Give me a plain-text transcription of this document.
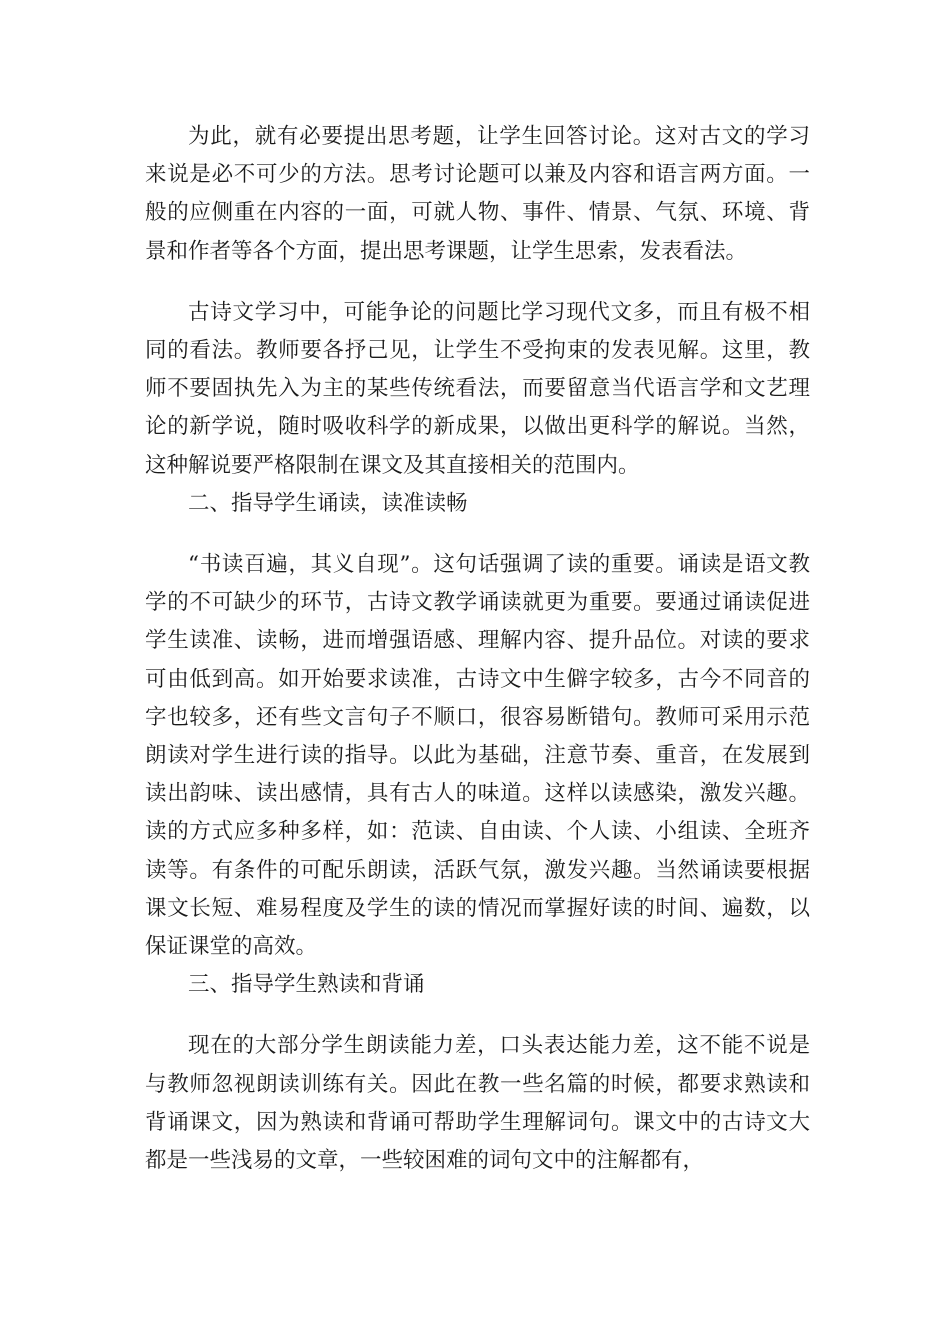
为此，就有必要提出思考题，让学生回答讨论。这对古文的学习来说是必不可少的方法。思考讨论题可以兼及内容和语言两方面。一般的应侧重在内容的一面，可就人物、事件、情景、气氛、环境、背景和作者等各个方面，提出思考课题，让学生思索，发表看法。

古诗文学习中，可能争论的问题比学习现代文多，而且有极不相同的看法。教师要各抒己见，让学生不受拘束的发表见解。这里，教师不要固执先入为主的某些传统看法，而要留意当代语言学和文艺理论的新学说，随时吸收科学的新成果，以做出更科学的解说。当然，这种解说要严格限制在课文及其直接相关的范围内。

二、指导学生诵读，读准读畅

“书读百遍，其义自现”。这句话强调了读的重要。诵读是语文教学的不可缺少的环节，古诗文教学诵读就更为重要。要通过诵读促进学生读准、读畅，进而增强语感、理解内容、提升品位。对读的要求可由低到高。如开始要求读准，古诗文中生僻字较多，古今不同音的字也较多，还有些文言句子不顺口，很容易断错句。教师可采用示范朗读对学生进行读的指导。以此为基础，注意节奏、重音，在发展到读出韵味、读出感情，具有古人的味道。这样以读感染，激发兴趣。读的方式应多种多样，如：范读、自由读、个人读、小组读、全班齐读等。有条件的可配乐朗读，活跃气氛，激发兴趣。当然诵读要根据课文长短、难易程度及学生的读的情况而掌握好读的时间、遍数，以保证课堂的高效。

三、指导学生熟读和背诵

现在的大部分学生朗读能力差，口头表达能力差，这不能不说是与教师忽视朗读训练有关。因此在教一些名篇的时候，都要求熟读和背诵课文，因为熟读和背诵可帮助学生理解词句。课文中的古诗文大都是一些浅易的文章，一些较困难的词句文中的注解都有，
